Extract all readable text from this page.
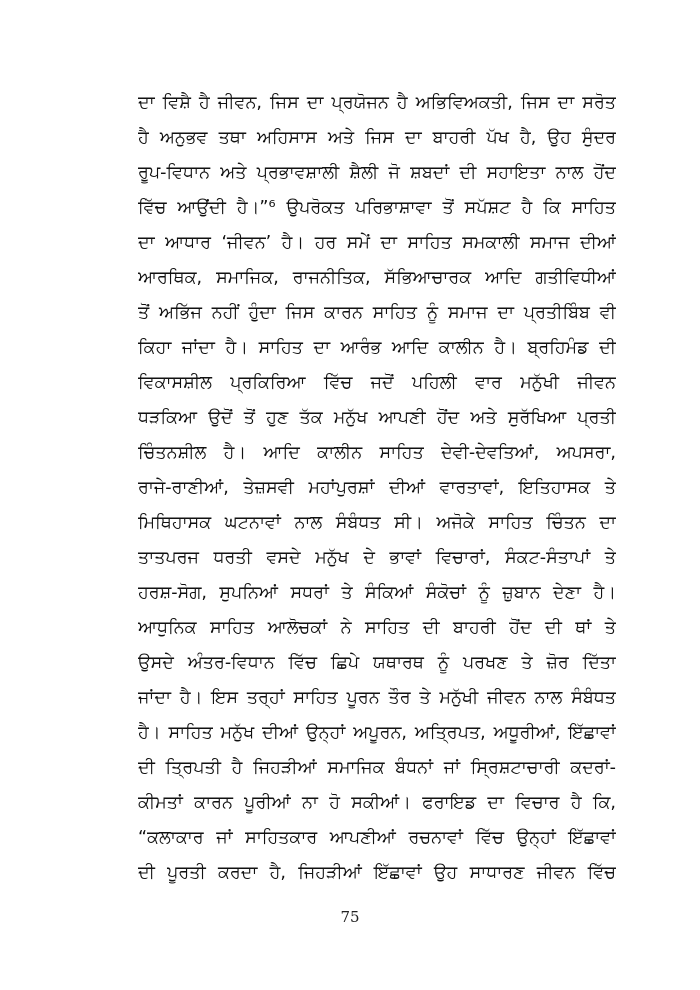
ਦਾ ਵਿਸ਼ੈ ਹੈ ਜੀਵਨ, ਜਿਸ ਦਾ ਪ੍ਰਯੋਜਨ ਹੈ ਅਭਿਵਿਅਕਤੀ, ਜਿਸ ਦਾ ਸਰੋਤ
ਹੈ ਅਨੁਭਵ ਤਥਾ ਅਹਿਸਾਸ ਅਤੇ ਜਿਸ ਦਾ ਬਾਹਰੀ ਪੱਖ ਹੈ, ਉਹ ਸੁੰਦਰ
ਰੂਪ-ਵਿਧਾਨ ਅਤੇ ਪ੍ਰਭਾਵਸ਼ਾਲੀ ਸ਼ੈਲੀ ਜੋ ਸ਼ਬਦਾਂ ਦੀ ਸਹਾਇਤਾ ਨਾਲ ਹੋਂਦ
ਵਿੱਚ ਆਉਂਦੀ ਹੈ।”⁶ ਉਪਰੋਕਤ ਪਰਿਭਾਸ਼ਾਵਾ ਤੋਂ ਸਪੱਸ਼ਟ ਹੈ ਕਿ ਸਾਹਿਤ
ਦਾ ਆਧਾਰ ‘ਜੀਵਨ’ ਹੈ। ਹਰ ਸਮੇਂ ਦਾ ਸਾਹਿਤ ਸਮਕਾਲੀ ਸਮਾਜ ਦੀਆਂ
ਆਰਥਿਕ, ਸਮਾਜਿਕ, ਰਾਜਨੀਤਿਕ, ਸੱਭਿਆਚਾਰਕ ਆਦਿ ਗਤੀਵਿਧੀਆਂ
ਤੋਂ ਅਭਿੱਜ ਨਹੀਂ ਹੁੰਦਾ ਜਿਸ ਕਾਰਨ ਸਾਹਿਤ ਨੂੰ ਸਮਾਜ ਦਾ ਪ੍ਰਤੀਬਿੰਬ ਵੀ
ਕਿਹਾ ਜਾਂਦਾ ਹੈ। ਸਾਹਿਤ ਦਾ ਆਰੰਭ ਆਦਿ ਕਾਲੀਨ ਹੈ। ਬ੍ਰਹਿਮੰਡ ਦੀ
ਵਿਕਾਸਸ਼ੀਲ ਪ੍ਰਕਿਰਿਆ ਵਿੱਚ ਜਦੋਂ ਪਹਿਲੀ ਵਾਰ ਮਨੁੱਖੀ ਜੀਵਨ
ਧੜਕਿਆ ਉਦੋਂ ਤੋਂ ਹੁਣ ਤੱਕ ਮਨੁੱਖ ਆਪਣੀ ਹੋਂਦ ਅਤੇ ਸੁਰੱਖਿਆ ਪ੍ਰਤੀ
ਚਿੰਤਨਸ਼ੀਲ ਹੈ। ਆਦਿ ਕਾਲੀਨ ਸਾਹਿਤ ਦੇਵੀ-ਦੇਵਤਿਆਂ, ਅਪਸਰਾ,
ਰਾਜੇ-ਰਾਣੀਆਂ, ਤੇਜ਼ਸਵੀ ਮਹਾਂਪੁਰਸ਼ਾਂ ਦੀਆਂ ਵਾਰਤਾਵਾਂ, ਇਤਿਹਾਸਕ ਤੇ
ਮਿਥਿਹਾਸਕ ਘਟਨਾਵਾਂ ਨਾਲ ਸੰਬੰਧਤ ਸੀ। ਅਜੋਕੇ ਸਾਹਿਤ ਚਿੰਤਨ ਦਾ
ਤਾਤਪਰਜ ਧਰਤੀ ਵਸਦੇ ਮਨੁੱਖ ਦੇ ਭਾਵਾਂ ਵਿਚਾਰਾਂ, ਸੰਕਟ-ਸੰਤਾਪਾਂ ਤੇ
ਹਰਸ਼-ਸੋਗ, ਸੁਪਨਿਆਂ ਸਧਰਾਂ ਤੇ ਸੰਕਿਆਂ ਸੰਕੋਚਾਂ ਨੂੰ ਜ਼ੁਬਾਨ ਦੇਣਾ ਹੈ।
ਆਧੁਨਿਕ ਸਾਹਿਤ ਆਲੋਚਕਾਂ ਨੇ ਸਾਹਿਤ ਦੀ ਬਾਹਰੀ ਹੋਂਦ ਦੀ ਥਾਂ ਤੇ
ਉਸਦੇ ਅੰਤਰ-ਵਿਧਾਨ ਵਿੱਚ ਛਿਪੇ ਯਥਾਰਥ ਨੂੰ ਪਰਖਣ ਤੇ ਜ਼ੋਰ ਦਿੱਤਾ
ਜਾਂਦਾ ਹੈ। ਇਸ ਤਰ੍ਹਾਂ ਸਾਹਿਤ ਪੂਰਨ ਤੌਰ ਤੇ ਮਨੁੱਖੀ ਜੀਵਨ ਨਾਲ ਸੰਬੰਧਤ
ਹੈ। ਸਾਹਿਤ ਮਨੁੱਖ ਦੀਆਂ ਉਨ੍ਹਾਂ ਅਪੂਰਨ, ਅਤ੍ਰਿਪਤ, ਅਧੂਰੀਆਂ, ਇੱਛਾਵਾਂ
ਦੀ ਤ੍ਰਿਪਤੀ ਹੈ ਜਿਹੜੀਆਂ ਸਮਾਜਿਕ ਬੰਧਨਾਂ ਜਾਂ ਸ੍ਰਿਸ਼ਟਾਚਾਰੀ ਕਦਰਾਂ-
ਕੀਮਤਾਂ ਕਾਰਨ ਪੂਰੀਆਂ ਨਾ ਹੋ ਸਕੀਆਂ। ਫਰਾਇਡ ਦਾ ਵਿਚਾਰ ਹੈ ਕਿ,
“ਕਲਾਕਾਰ ਜਾਂ ਸਾਹਿਤਕਾਰ ਆਪਣੀਆਂ ਰਚਨਾਵਾਂ ਵਿੱਚ ਉਨ੍ਹਾਂ ਇੱਛਾਵਾਂ
ਦੀ ਪੂਰਤੀ ਕਰਦਾ ਹੈ, ਜਿਹੜੀਆਂ ਇੱਛਾਵਾਂ ਉਹ ਸਾਧਾਰਣ ਜੀਵਨ ਵਿੱਚ
75
